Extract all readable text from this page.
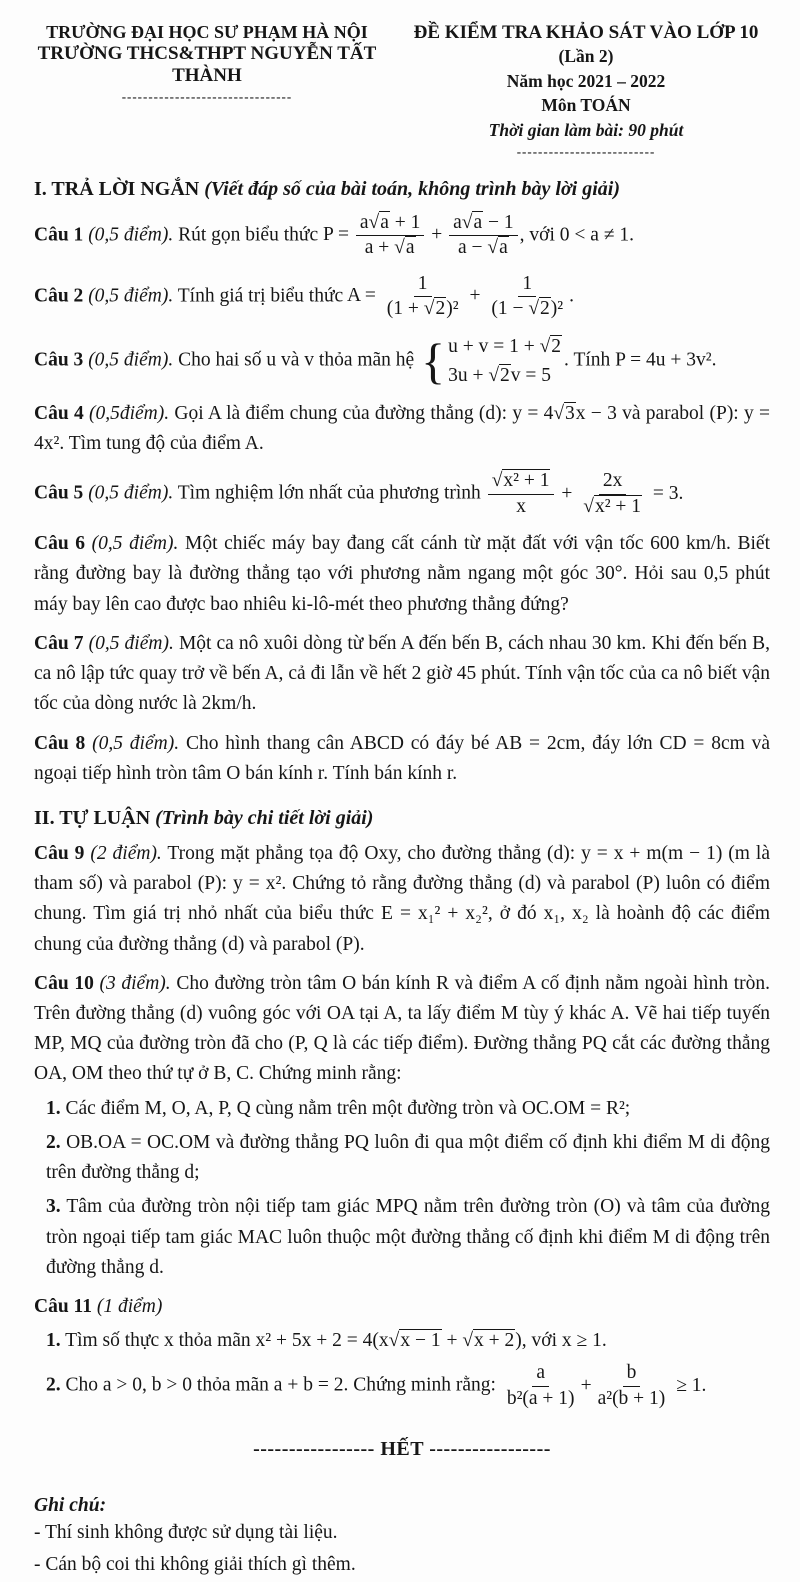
TRƯỜNG ĐẠI HỌC SƯ PHẠM HÀ NỘI
TRƯỜNG THCS&THPT NGUYỄN TẤT THÀNH
--------------------------------
ĐỀ KIỂM TRA KHẢO SÁT VÀO LỚP 10
(Lần 2)
Năm học 2021 – 2022
Môn TOÁN
Thời gian làm bài: 90 phút
--------------------------
I. TRẢ LỜI NGẮN (Viết đáp số của bài toán, không trình bày lời giải)

Câu 1 (0,5 điểm). Rút gọn biểu thức $P = \frac{a√a + 1}{a + √a} + \frac{a√a - 1}{a - √a}$ , với 0 < a ≠ 1.

Câu 2 (0,5 điểm). Tính giá trị biểu thức $A = \frac{1}{\text{(1 + √2)²}} + \frac{1}{\text{(1 − √2)²}}$ .

Câu 3 (0,5 điểm). Cho hai số u và v thỏa mãn hệ { u + v = 1 + √2
3u + √2v = 5
. Tính P = 4u + 3v².

Câu 4 (0,5điểm). Gọi A là điểm chung của đường thẳng (d): y = 4√3x − 3 và parabol (P): y = 4x². Tìm tung độ của điểm A.

Câu 5 (0,5 điểm). Tìm nghiệm lớn nhất của phương trình $\frac{\text{√x² + 1}}{x} + \frac{2x}{\text{√x² + 1}} = 3$.

Câu 6 (0,5 điểm). Một chiếc máy bay đang cất cánh từ mặt đất với vận tốc 600 km/h. Biết rằng đường bay là đường thẳng tạo với phương nằm ngang một góc 30°. Hỏi sau 0,5 phút máy bay lên cao được bao nhiêu ki-lô-mét theo phương thẳng đứng?

Câu 7 (0,5 điểm). Một ca nô xuôi dòng từ bến A đến bến B, cách nhau 30 km. Khi đến bến B, ca nô lập tức quay trở về bến A, cả đi lẫn về hết 2 giờ 45 phút. Tính vận tốc của ca nô biết vận tốc của dòng nước là 2km/h.

Câu 8 (0,5 điểm). Cho hình thang cân ABCD có đáy bé AB = 2cm, đáy lớn CD = 8cm và ngoại tiếp hình tròn tâm O bán kính r. Tính bán kính r.

II. TỰ LUẬN (Trình bày chi tiết lời giải)

Câu 9 (2 điểm). Trong mặt phẳng tọa độ Oxy, cho đường thẳng (d): y = x + m(m − 1) (m là tham số) và parabol (P): y = x². Chứng tỏ rằng đường thẳng (d) và parabol (P) luôn có điểm chung. Tìm giá trị nhỏ nhất của biểu thức E = x₁² + x₂², ở đó x₁, x₂ là hoành độ các điểm chung của đường thẳng (d) và parabol (P).

Câu 10 (3 điểm). Cho đường tròn tâm O bán kính R và điểm A cố định nằm ngoài hình tròn. Trên đường thẳng (d) vuông góc với OA tại A, ta lấy điểm M tùy ý khác A. Vẽ hai tiếp tuyến MP, MQ của đường tròn đã cho (P, Q là các tiếp điểm). Đường thẳng PQ cắt các đường thẳng OA, OM theo thứ tự ở B, C. Chứng minh rằng:

1. Các điểm M, O, A, P, Q cùng nằm trên một đường tròn và OC.OM = R²;

2. OB.OA = OC.OM và đường thẳng PQ luôn đi qua một điểm cố định khi điểm M di động trên đường thẳng d;

3. Tâm của đường tròn nội tiếp tam giác MPQ nằm trên đường tròn (O) và tâm của đường tròn ngoại tiếp tam giác MAC luôn thuộc một đường thẳng cố định khi điểm M di động trên đường thẳng d.

Câu 11 (1 điểm)

1. Tìm số thực x thỏa mãn x² + 5x + 2 = 4(x√x − 1 + √x + 2), với x ≥ 1.

2. Cho a > 0, b > 0 thỏa mãn a + b = 2. Chứng minh rằng: $\frac{a}{\text{b²(a + 1)}} + \frac{b}{\text{a²(b + 1)}} \ge 1$.

----------------- HẾT -----------------
Ghi chú:
- Thí sinh không được sử dụng tài liệu.
- Cán bộ coi thi không giải thích gì thêm.
